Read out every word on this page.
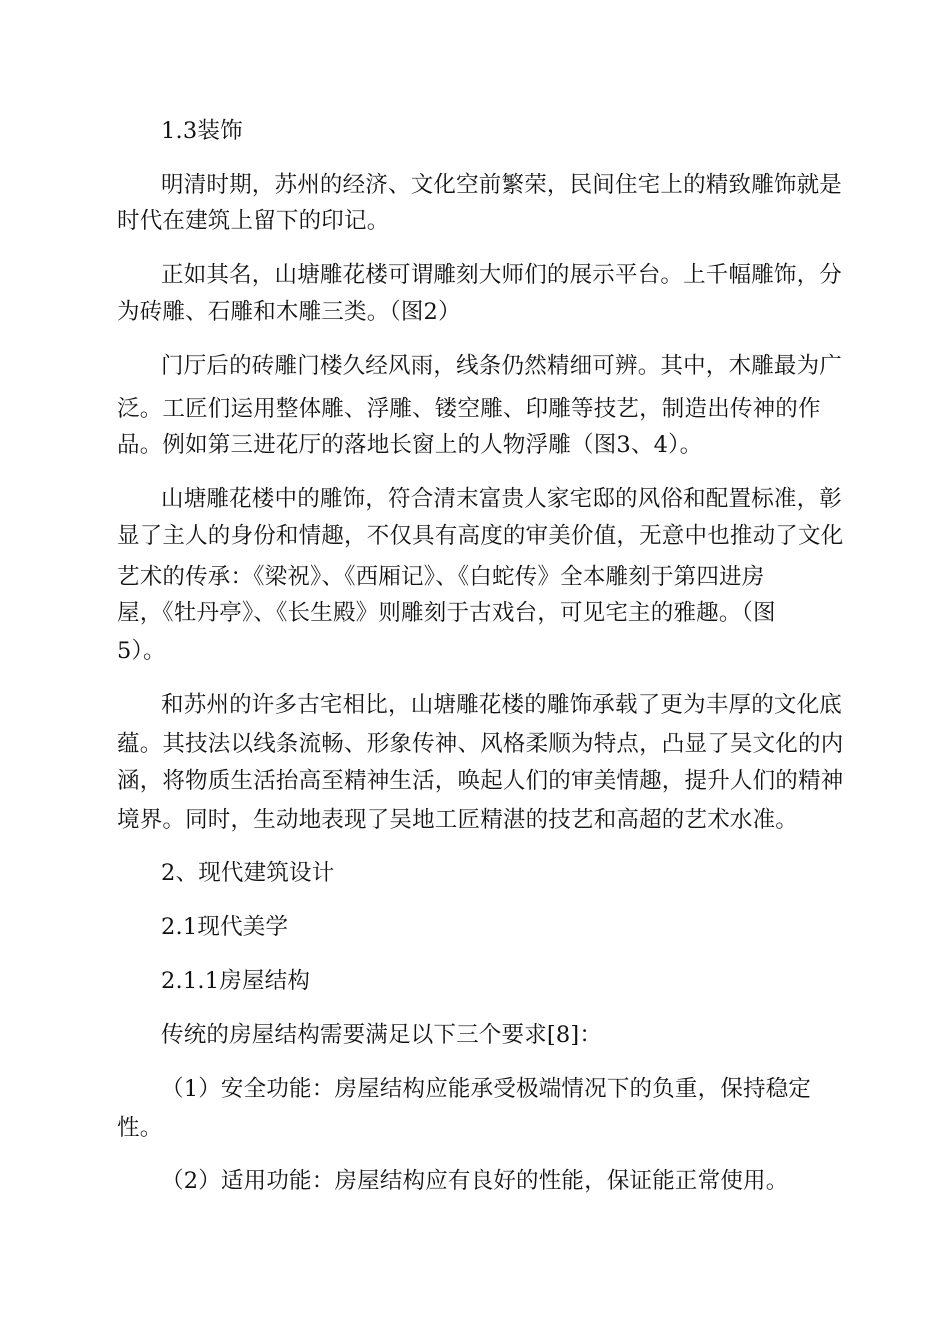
1.3装饰
明清时期，苏州的经济、文化空前繁荣，民间住宅上的精致雕饰就是
时代在建筑上留下的印记。
正如其名，山塘雕花楼可谓雕刻大师们的展示平台。上千幅雕饰，分
为砖雕、石雕和木雕三类。（图2）
门厅后的砖雕门楼久经风雨，线条仍然精细可辨。其中，木雕最为广
泛。工匠们运用整体雕、浮雕、镂空雕、印雕等技艺，制造出传神的作
品。例如第三进花厅的落地长窗上的人物浮雕（图3、4）。
山塘雕花楼中的雕饰，符合清末富贵人家宅邸的风俗和配置标准，彰
显了主人的身份和情趣，不仅具有高度的审美价值，无意中也推动了文化
艺术的传承：《梁祝》、《西厢记》、《白蛇传》全本雕刻于第四进房
屋，《牡丹亭》、《长生殿》则雕刻于古戏台，可见宅主的雅趣。（图
5）。
和苏州的许多古宅相比，山塘雕花楼的雕饰承载了更为丰厚的文化底
蕴。其技法以线条流畅、形象传神、风格柔顺为特点，凸显了吴文化的内
涵，将物质生活抬高至精神生活，唤起人们的审美情趣，提升人们的精神
境界。同时，生动地表现了吴地工匠精湛的技艺和高超的艺术水准。
2、现代建筑设计
2.1现代美学
2.1.1房屋结构
传统的房屋结构需要满足以下三个要求[8]：
（1）安全功能：房屋结构应能承受极端情况下的负重，保持稳定
性。
（2）适用功能：房屋结构应有良好的性能，保证能正常使用。
